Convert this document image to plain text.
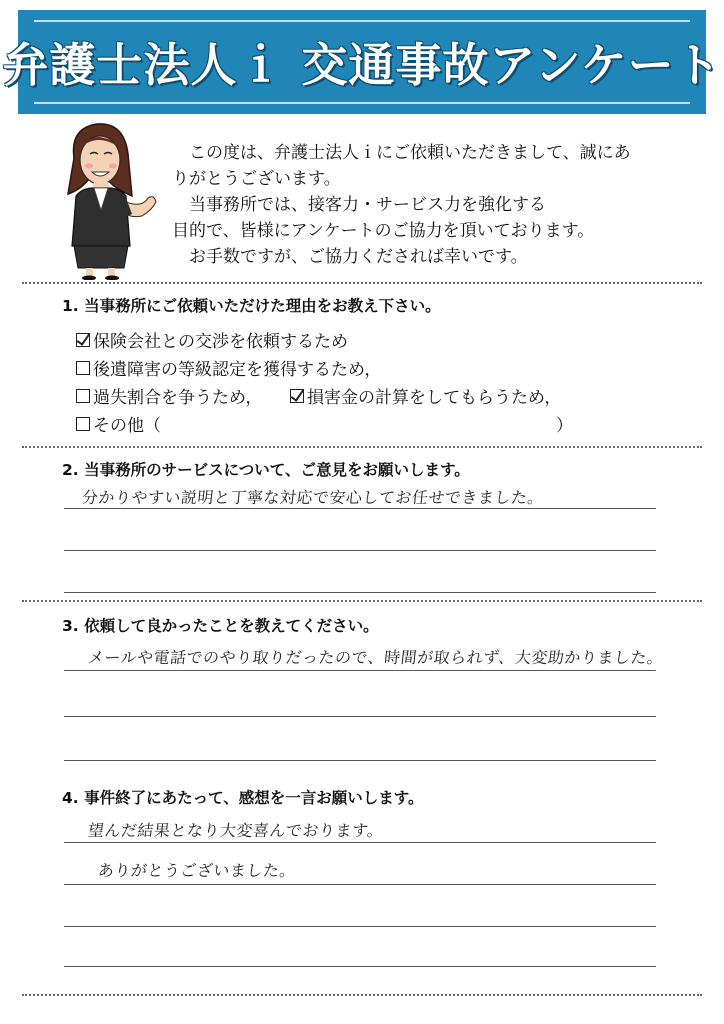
弁護士法人ｉ 交通事故アンケート
　この度は、弁護士法人ｉにご依頼いただきまして、誠にあ
りがとうございます。
　当事務所では、接客力・サービス力を強化する
目的で、皆様にアンケートのご協力を頂いております。
　お手数ですが、ご協力くだされば幸いです。
1. 当事務所にご依頼いただけた理由をお教え下さい。
保険会社との交渉を依頼するため
後遺障害の等級認定を獲得するため，
過失割合を争うため，	損害金の計算をしてもらうため，
その他（	）
2. 当事務所のサービスについて、ご意見をお願いします。
分かりやすい説明と丁寧な対応で安心してお任せできました。
3. 依頼して良かったことを教えてください。
メールや電話でのやり取りだったので、時間が取られず、大変助かりました。
4. 事件終了にあたって、感想を一言お願いします。
望んだ結果となり大変喜んでおります。
ありがとうございました。
